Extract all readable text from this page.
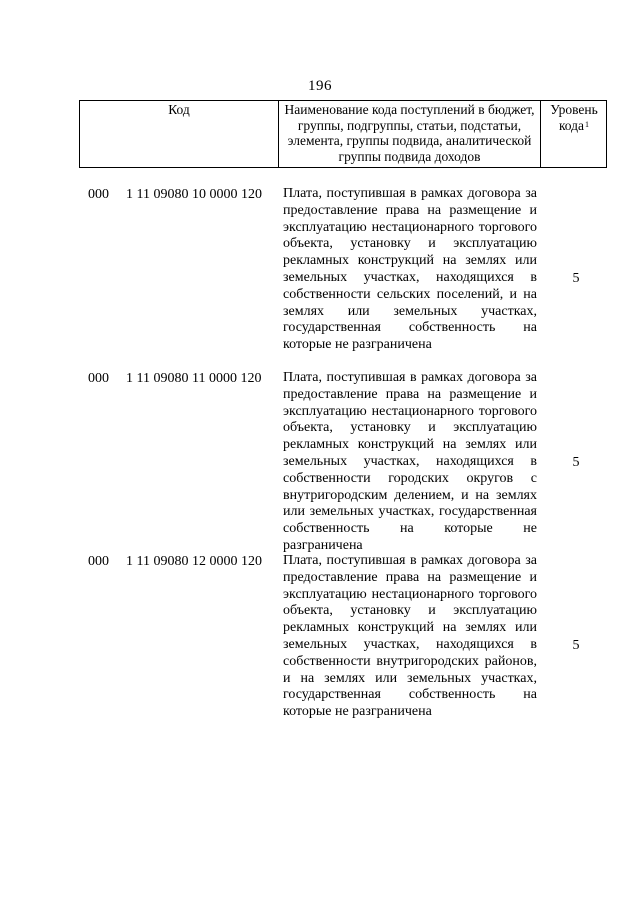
196
Код	Наименование кода поступлений в бюджет, группы, подгруппы, статьи, подстатьи, элемента, группы подвида, аналитической группы подвида доходов
Уровень кода$^1$
000 1 11 09080 10 0000 120 Плата, поступившая в рамках договора за предоставление права на размещение и эксплуатацию нестационарного торгового объекта, установку и эксплуатацию рекламных конструкций на землях или земельных участках, находящихся в собственности сельских поселений, и на землях или земельных участках, государственная собственность на которые не разграничена
5
000 1 11 09080 11 0000 120 Плата, поступившая в рамках договора за предоставление права на размещение и эксплуатацию нестационарного торгового объекта, установку и эксплуатацию рекламных конструкций на землях или земельных участках, находящихся в собственности городских округов с внутригородским делением, и на землях или земельных участках, государственная собственность на которые не разграничена
5
000 1 11 09080 12 0000 120 Плата, поступившая в рамках договора за предоставление права на размещение и эксплуатацию нестационарного торгового объекта, установку и эксплуатацию рекламных конструкций на землях или земельных участках, находящихся в собственности внутригородских районов, и на землях или земельных участках, государственная собственность на которые не разграничена
5
